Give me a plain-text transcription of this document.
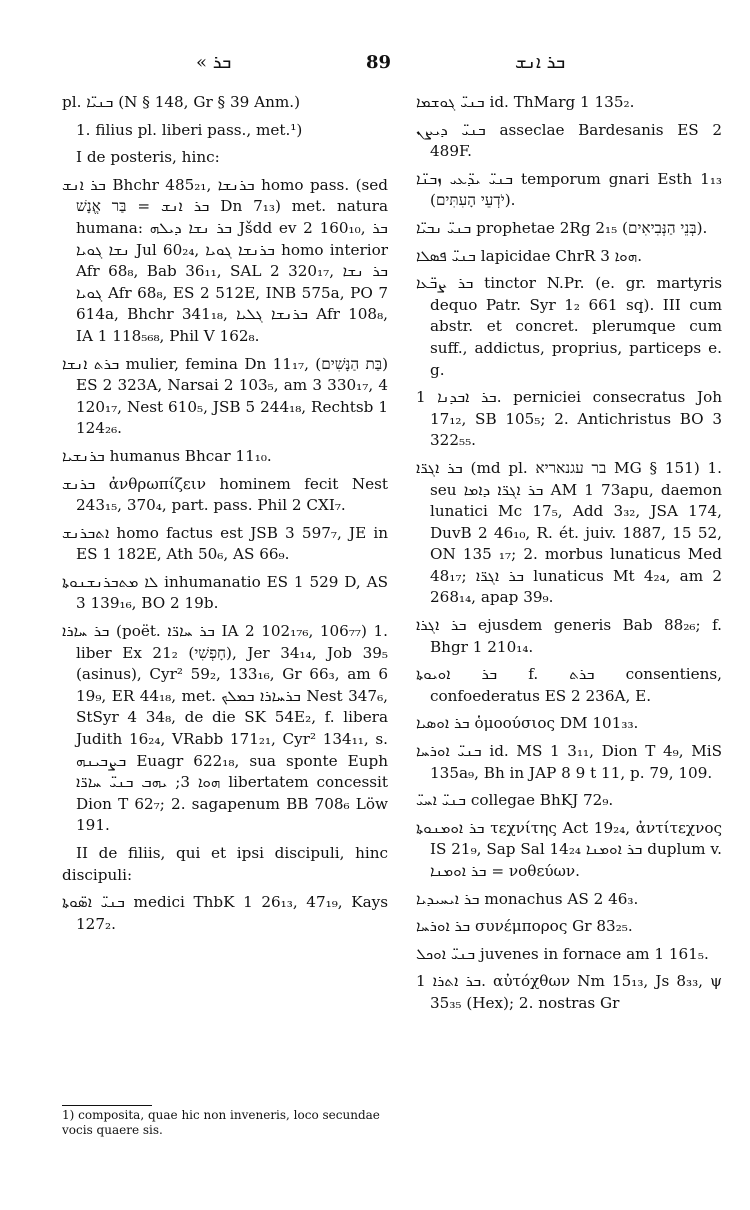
« ܒܪ	89	ܒܪ ܐܢܫ
pl. ܒܢܝ̈ܐ (N § 148, Gr § 39 Anm.)
1. filius pl. liberi pass., met.¹)
I de posteris, hinc:
ܒܪ ܐܢܫ Bhchr 485₂₁, ܒܪܢܫܐ homo pass. (sed ܒܪ ܐܢܫ = בַּר אֱנָשׁ Dn 7₁₃) met. natura humana: ܒܪ ܢܫܐ ܕܝܠܗ Jšdd ev 2 160₁₀, ܒܪ ܢܫܐ ܓܘܝܐ Jul 60₂₄, ܒܪܢܫܐ ܓܘܝܐ homo interior Afr 68₈, Bab 36₁₁, SAL 2 320₁₇, ܒܪ ܢܫܐ ܓܘܝܐ Afr 68₈, ES 2 512E, INB 575a, PO 7 614a, Bhchr 341₁₈, ܒܪܢܫܐ ܓܠܝܐ Afr 108₈, IA 1 118₅₆₈, Phil V 162₈.
ܒܪܬ ܐܢܫܐ mulier, femina Dn 11₁₇, (בַּת הַנָּשִׁים) ES 2 323A, Narsai 2 103₅, am 3 330₁₇, 4 120₁₇, Nest 610₅, JSB 5 244₁₈, Rechtsb 1 124₂₆.
ܒܪܢܫܝܐ humanus Bhcar 11₁₀.
ܒܪܢܫ ἀνθρωπίζειν hominem fecit Nest 243₁₅, 370₄, part. pass. Phil 2 CXI₇.
ܐܬܒܪܢܫ homo factus est JSB 3 597₇, JE in ES 1 182E, Ath 50₆, AS 66₉.
ܠܐ ܡܬܒܪܢܫܢܘܬܐ inhumanatio ES 1 529 D, AS 3 139₁₆, BO 2 19b.
ܒܪ ܚܐܪܐ (poët. ܒܪ ܚܐܪ̈ܐ IA 2 102₁₇₆, 106₇₇) 1. liber Ex 21₂ (חָפְשִׁי), Jer 34₁₄, Job 39₅ (asinus), Cyr² 59₂, 133₁₆, Gr 66₃, am 6 19₉, ER 44₁₈, met. ܒܪܚܐܪܐ ܒܡܠܟ Nest 347₆, StSyr 4 34₈, de die SK 54E₂, f. libera Judith 16₂₄, VRabb 171₂₁, Cyr² 134₁₁, s. ܒܨܒܝܢܗ Euagr 622₁₈, sua sponte Euph ܗܘܐ 3; ܝܗܒ ܒܢܝ̈ ܚܐܪ̈ܐ libertatem concessit Dion T 62₇; 2. sagapenum BB 708₆ Löw 191.
II de filiis, qui et ipsi discipuli, hinc discipuli:
ܒܢܝ̈ ܐܣ̈ܘܬܐ medici ThbK 1 26₁₃, 47₁₉, Kays 127₂.
ܒܢܝ̈ ܓܘܫܡܐ id. ThMarg 1 135₂.
ܒܢܝ̈ ܕܝܨܢ asseclae Bardesanis ES 2 489F.
ܒܢܝ̈ ܝܕ̈ܥܝ ܙܒܢ̈ܐ temporum gnari Esth 1₁₃ (יֹדְעֵי הָעִתִּים).
ܒܢܝ̈ ܢܒܝ̈ܐ prophetae 2Rg 2₁₅ (בְּנֵי הַנְּבִיאִים).
ܒܢܝ̈ ܦܣܠܐ lapicidae ChrR ܗܘܐ 3.
ܒܪ ܨܒ̈ܥܐ tinctor N.Pr. (e. gr. martyris dequo Patr. Syr 1₂ 661 sq). III cum abstr. et concret. plerumque cum suff., addictus, proprius, particeps e. g.
ܒܪ ܐܒܕܢܐ 1. perniciei consecratus Joh 17₁₂, SB 105₅; 2. Antichristus BO 3 322₅₅.
ܒܪ ܐܓܪ̈ܐ (md pl. בר עגנאריא MG § 151) 1. seu ܒܪ ܐܓܪ̈ܐ ܕܐܡܐ AM 1 73apu, daemon lunatici Mc 17₅, Add 3₃₂, JSA 174, DuvB 2 46₁₀, R. ét. juiv. 1887, 15 52, ON 135 ₁₇; 2. morbus lunaticus Med 48₁₇; ܒܪ ܐܓܪ̈ܐ lunaticus Mt 4₂₄, am 2 268₁₄, apap 39₉.
ܒܪ ܐܓܪܐ ejusdem generis Bab 88₂₆; f. Bhgr 1 210₁₄.
ܒܪ ܐܘܝܘܬܐ f. ܒܪܬ consentiens, confoederatus ES 2 236A, E.
ܒܪ ܐܘܣܝܐ ὁμοούσιος DM 101₃₃.
ܒܢܝ̈ ܐܘܪܚܐ id. MS 1 3₁₁, Dion T 4₉, MiS 135a₉, Bh in JAP 8 9 t 11, p. 79, 109.
ܒܢܝ̈ ܐܚܝ̈ collegae BhKJ 72₉.
ܒܪ ܐܘܡܢܘܬܐ τεχνίτης Act 19₂₄, ἀντίτεχνος IS 21₉, Sap Sal 14₂₄ ܒܪ ܐܘܡܢܐ duplum v. ܒܪ ܐܘܡܢܐ = νοθεύων.
ܒܪ ܐܝܚܝܕܝܐ monachus AS 2 46₃.
ܒܪ ܐܘܪܚܐ συνέμπορος Gr 83₂₅.
ܒܢܝ̈ ܐܘܟܠ juvenes in fornace am 1 161₅.
ܒܪ ܐܬܪܐ 1. αὐτόχθων Nm 15₁₃, Js 8₃₃, ψ 35₃₅ (Hex); 2. nostras Gr
1) composita, quae hic non inveneris, loco secundae vocis quaere sis.
